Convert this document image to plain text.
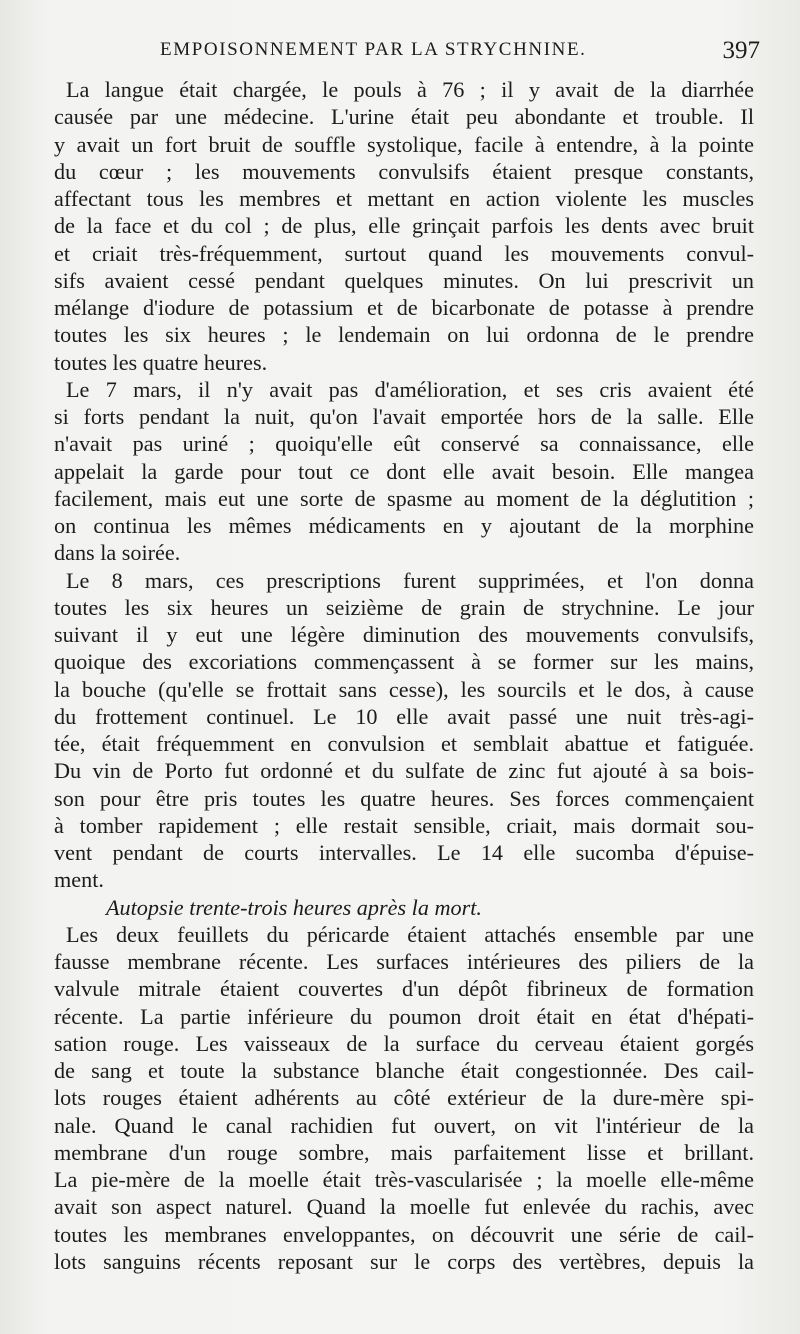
EMPOISONNEMENT PAR LA STRYCHNINE.	397
La langue était chargée, le pouls à 76 ; il y avait de la diarrhée
causée par une médecine. L'urine était peu abondante et trouble. Il
y avait un fort bruit de souffle systolique, facile à entendre, à la pointe
du cœur ; les mouvements convulsifs étaient presque constants,
affectant tous les membres et mettant en action violente les muscles
de la face et du col ; de plus, elle grinçait parfois les dents avec bruit
et criait très-fréquemment, surtout quand les mouvements convul-
sifs avaient cessé pendant quelques minutes. On lui prescrivit un
mélange d'iodure de potassium et de bicarbonate de potasse à prendre
toutes les six heures ; le lendemain on lui ordonna de le prendre
toutes les quatre heures.
Le 7 mars, il n'y avait pas d'amélioration, et ses cris avaient été
si forts pendant la nuit, qu'on l'avait emportée hors de la salle. Elle
n'avait pas uriné ; quoiqu'elle eût conservé sa connaissance, elle
appelait la garde pour tout ce dont elle avait besoin. Elle mangea
facilement, mais eut une sorte de spasme au moment de la déglutition ;
on continua les mêmes médicaments en y ajoutant de la morphine
dans la soirée.
Le 8 mars, ces prescriptions furent supprimées, et l'on donna
toutes les six heures un seizième de grain de strychnine. Le jour
suivant il y eut une légère diminution des mouvements convulsifs,
quoique des excoriations commençassent à se former sur les mains,
la bouche (qu'elle se frottait sans cesse), les sourcils et le dos, à cause
du frottement continuel. Le 10 elle avait passé une nuit très-agi-
tée, était fréquemment en convulsion et semblait abattue et fatiguée.
Du vin de Porto fut ordonné et du sulfate de zinc fut ajouté à sa bois-
son pour être pris toutes les quatre heures. Ses forces commençaient
à tomber rapidement ; elle restait sensible, criait, mais dormait sou-
vent pendant de courts intervalles. Le 14 elle sucomba d'épuise-
ment.
Autopsie trente-trois heures après la mort.
Les deux feuillets du péricarde étaient attachés ensemble par une
fausse membrane récente. Les surfaces intérieures des piliers de la
valvule mitrale étaient couvertes d'un dépôt fibrineux de formation
récente. La partie inférieure du poumon droit était en état d'hépati-
sation rouge. Les vaisseaux de la surface du cerveau étaient gorgés
de sang et toute la substance blanche était congestionnée. Des cail-
lots rouges étaient adhérents au côté extérieur de la dure-mère spi-
nale. Quand le canal rachidien fut ouvert, on vit l'intérieur de la
membrane d'un rouge sombre, mais parfaitement lisse et brillant.
La pie-mère de la moelle était très-vascularisée ; la moelle elle-même
avait son aspect naturel. Quand la moelle fut enlevée du rachis, avec
toutes les membranes enveloppantes, on découvrit une série de cail-
lots sanguins récents reposant sur le corps des vertèbres, depuis la
